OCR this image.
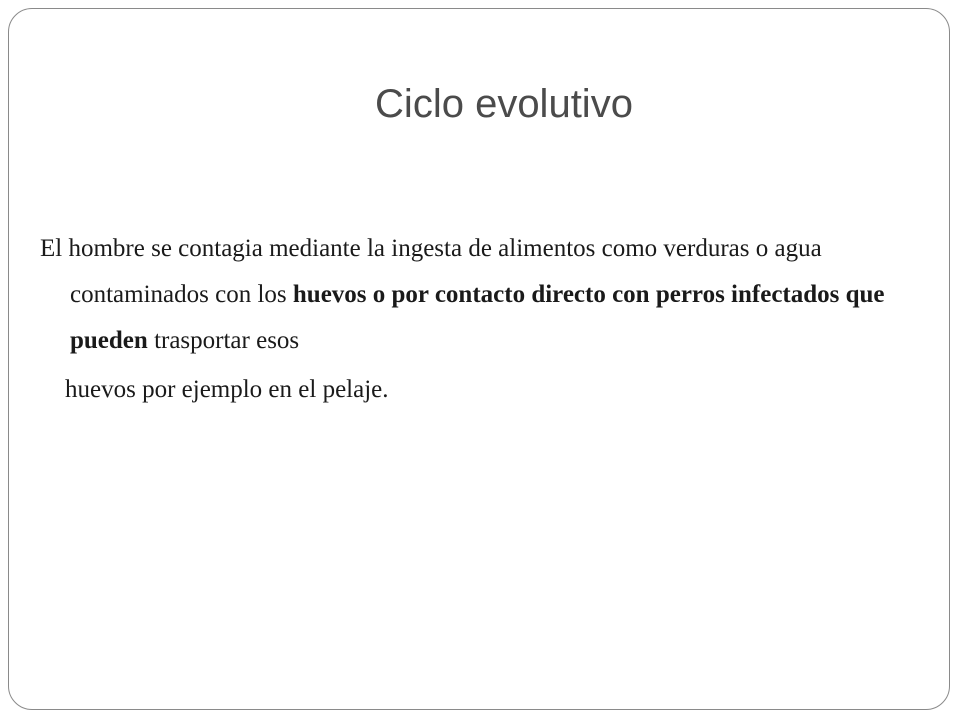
Ciclo evolutivo

El hombre se contagia mediante la ingesta de alimentos como verduras o agua contaminados con los huevos o por contacto directo con perros infectados que pueden trasportar esos

huevos por ejemplo en el pelaje.
